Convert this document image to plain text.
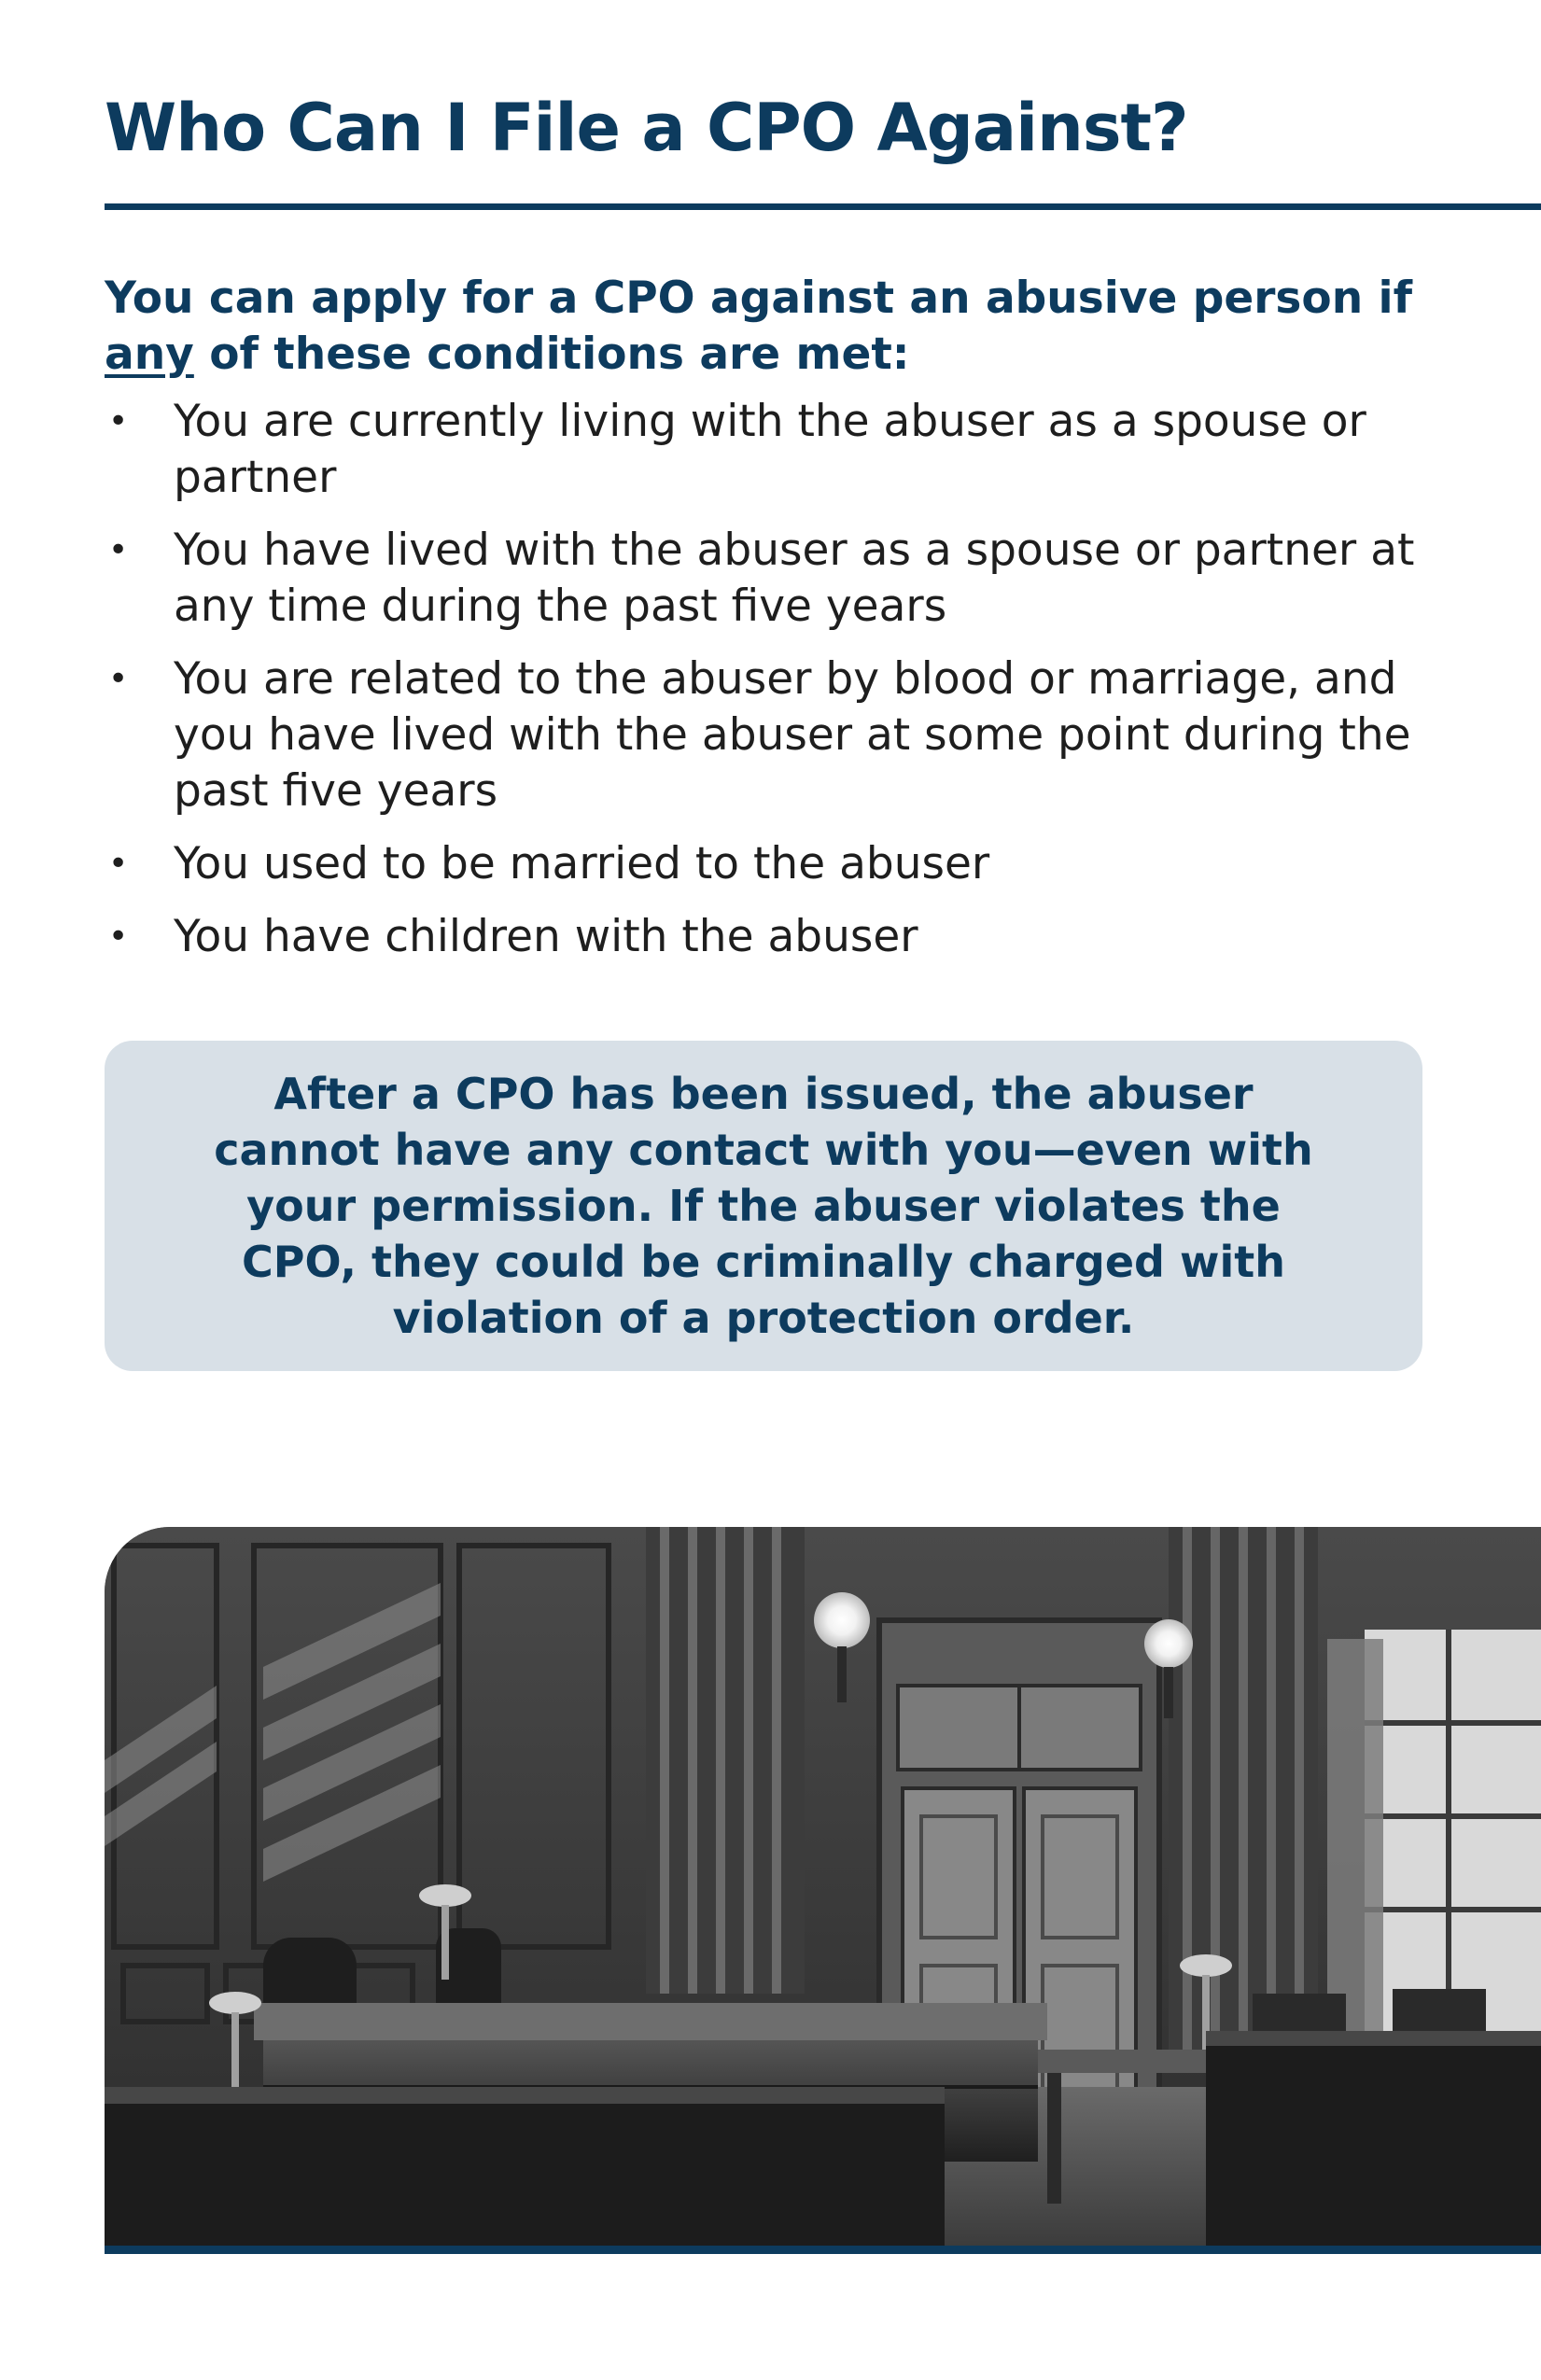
Who Can I File a CPO Against?

You can apply for a CPO against an abusive person if any of these conditions are met:

•	You are currently living with the abuser as a spouse or partner
•	You have lived with the abuser as a spouse or partner at any time during the past five years
•	You are related to the abuser by blood or marriage, and you have lived with the abuser at some point during the past five years
•	You used to be married to the abuser
•	You have children with the abuser

After a CPO has been issued, the abuser cannot have any contact with you—even with your permission. If the abuser violates the CPO, they could be criminally charged with violation of a protection order.
